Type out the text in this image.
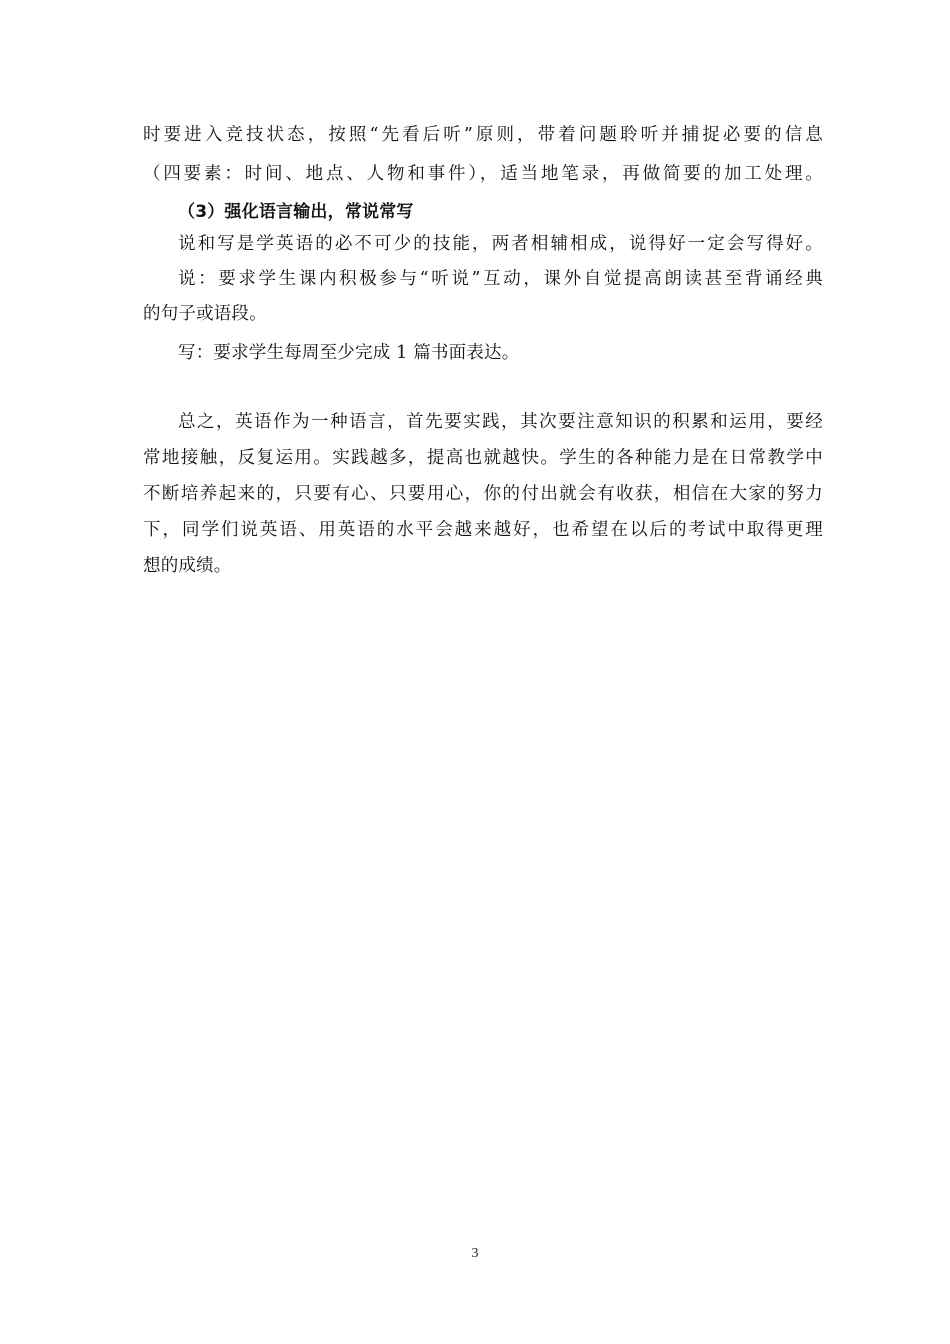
时要进入竞技状态，按照“先看后听”原则，带着问题聆听并捕捉必要的信息
（四要素：时间、地点、人物和事件），适当地笔录，再做简要的加工处理。
（3）强化语言输出，常说常写
说和写是学英语的必不可少的技能，两者相辅相成，说得好一定会写得好。
说：要求学生课内积极参与“听说”互动，课外自觉提高朗读甚至背诵经典
的句子或语段。
写：要求学生每周至少完成 1 篇书面表达。
总之，英语作为一种语言，首先要实践，其次要注意知识的积累和运用，要经
常地接触，反复运用。实践越多，提高也就越快。学生的各种能力是在日常教学中
不断培养起来的，只要有心、只要用心，你的付出就会有收获，相信在大家的努力
下，同学们说英语、用英语的水平会越来越好，也希望在以后的考试中取得更理
想的成绩。
3
